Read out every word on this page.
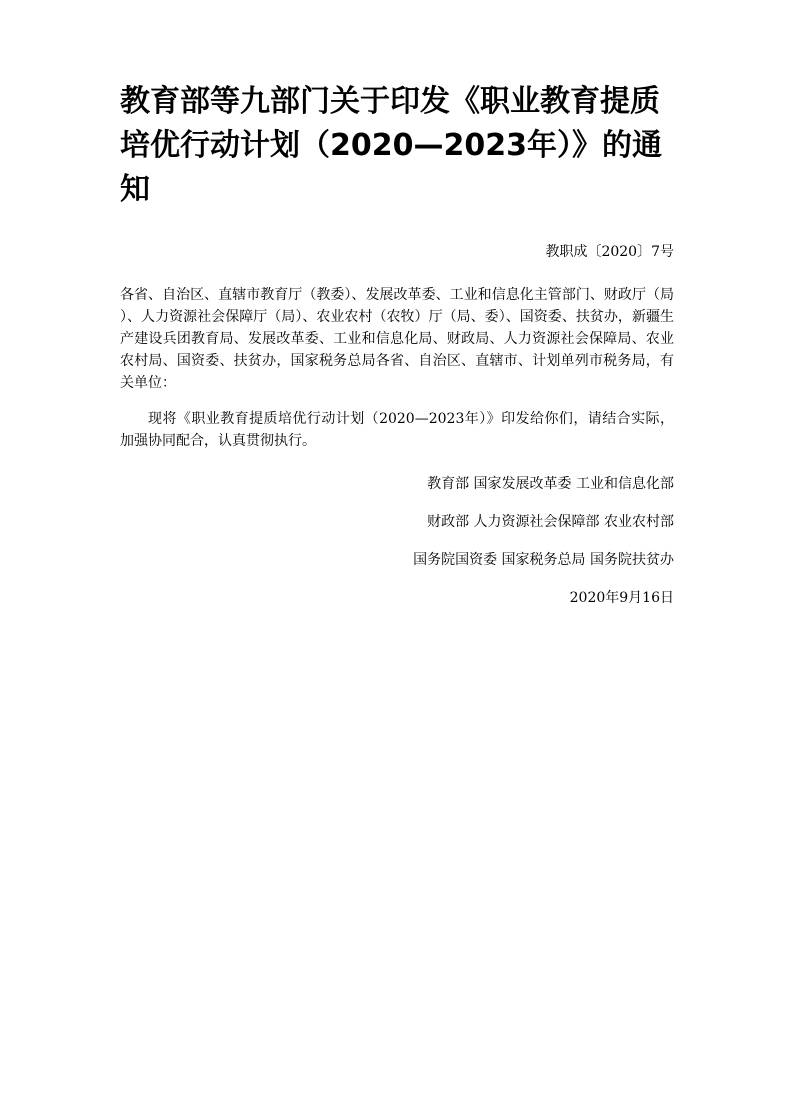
教育部等九部门关于印发《职业教育提质培优行动计划（2020—2023年）》的通知
教职成〔2020〕7号
各省、自治区、直辖市教育厅（教委）、发展改革委、工业和信息化主管部门、财政厅（局）、人力资源社会保障厅（局）、农业农村（农牧）厅（局、委）、国资委、扶贫办，新疆生产建设兵团教育局、发展改革委、工业和信息化局、财政局、人力资源社会保障局、农业农村局、国资委、扶贫办，国家税务总局各省、自治区、直辖市、计划单列市税务局，有关单位：
现将《职业教育提质培优行动计划（2020—2023年）》印发给你们，请结合实际，加强协同配合，认真贯彻执行。
教育部 国家发展改革委 工业和信息化部
财政部 人力资源社会保障部 农业农村部
国务院国资委 国家税务总局 国务院扶贫办
2020年9月16日
